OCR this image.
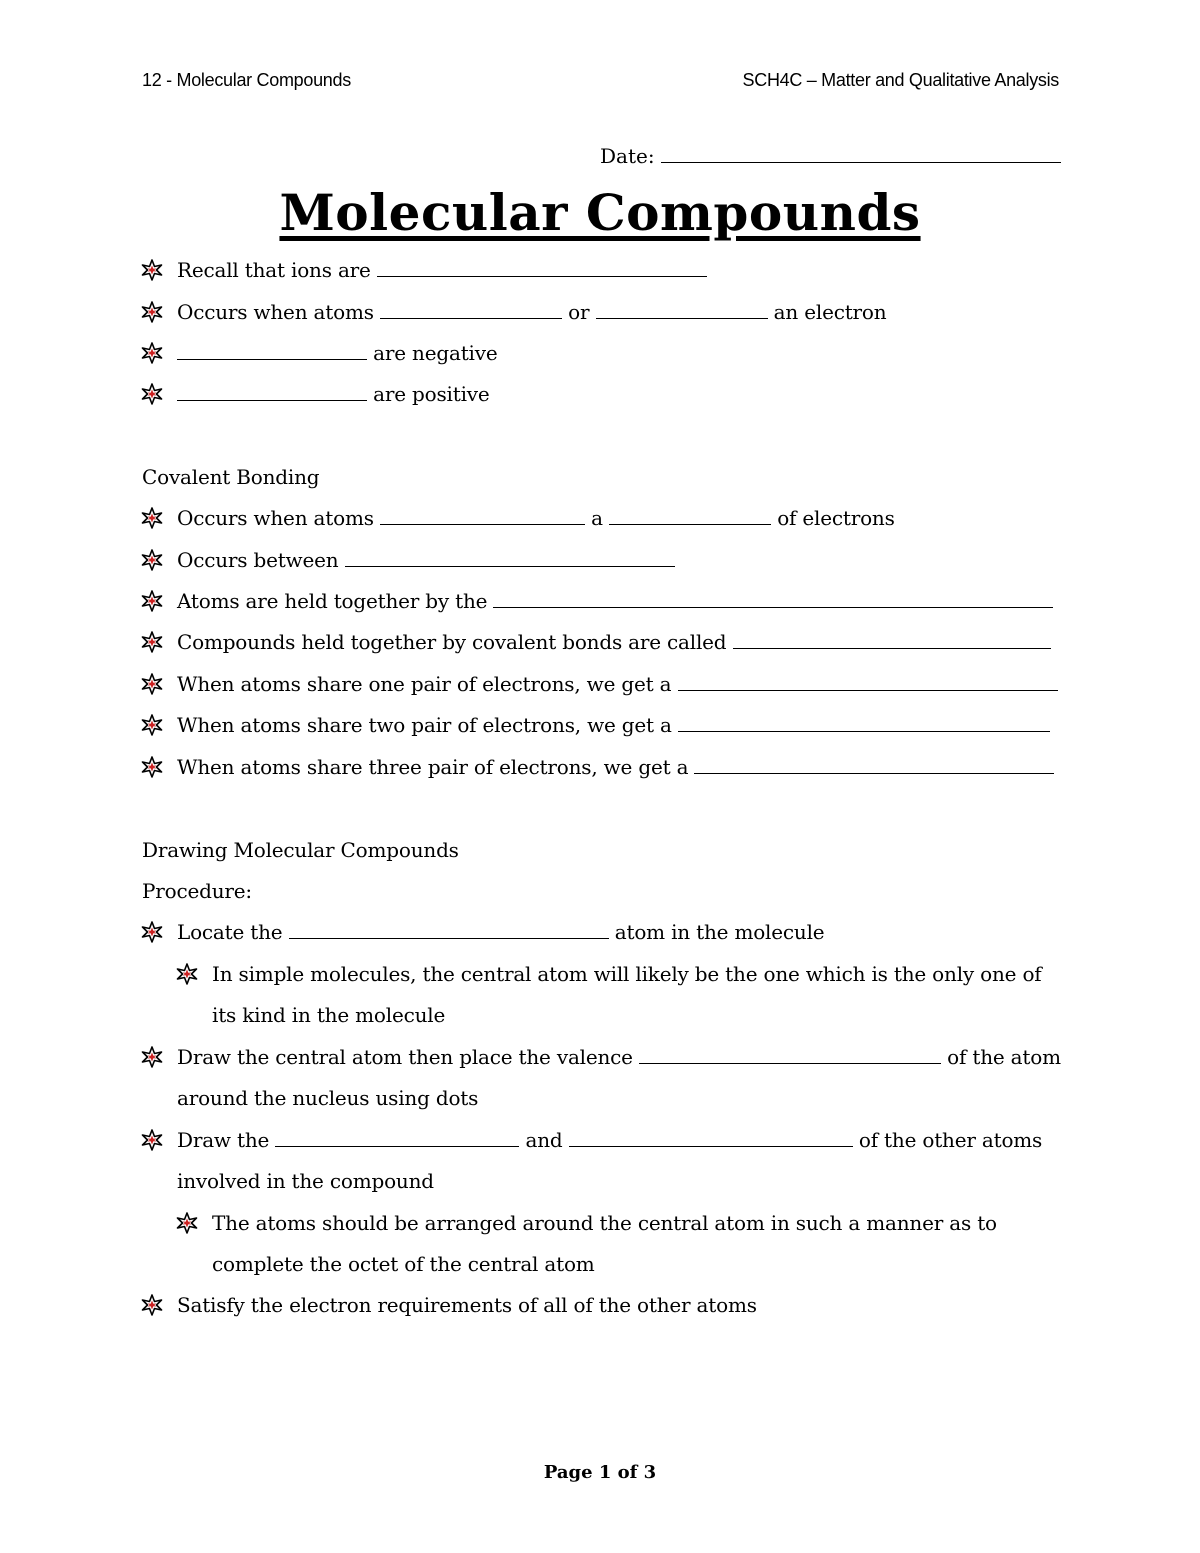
12 - Molecular Compounds	SCH4C – Matter and Qualitative Analysis
Date:
Molecular Compounds
Recall that ions are
Occurs when atoms	or	an electron
are negative
are positive
Covalent Bonding
Occurs when atoms	a	of electrons
Occurs between
Atoms are held together by the
Compounds held together by covalent bonds are called
When atoms share one pair of electrons, we get a
When atoms share two pair of electrons, we get a
When atoms share three pair of electrons, we get a
Drawing Molecular Compounds
Procedure:
Locate the	atom in the molecule
In simple molecules, the central atom will likely be the one which is the only one of
its kind in the molecule
Draw the central atom then place the valence	of the atom
around the nucleus using dots
Draw the	and	of the other atoms
involved in the compound
The atoms should be arranged around the central atom in such a manner as to
complete the octet of the central atom
Satisfy the electron requirements of all of the other atoms
Page 1 of 3
